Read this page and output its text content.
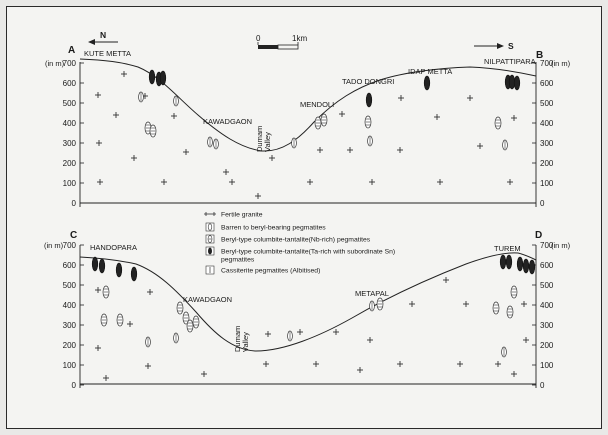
700
600
500
400
300
200
100
0
700
600
500
400
300
200
100
0
A	B
(in m)	(in m)
N
S
0	1km
KUTE METTA
KAWADGAON
MENDOLI
TADO DONGRI
IDAP METTA
NILPATTIPARA
Dumam Valley
Fertile granite
Barren to beryl-bearing pegmatites
Beryl-type columbite-tantalite(Nb-rich) pegmatites
Beryl-type columbite-tantalite(Ta-rich with subordinate Sn)
pegmatites
Cassiterite pegmatites (Albitised)
700
600
500
400
300
200
100
0
700
600
500
400
300
200
100
0
C	D
(in m)	(in m)
HANDOPARA
KAWADGAON
METAPAL
TUREM
Dumam Valley
